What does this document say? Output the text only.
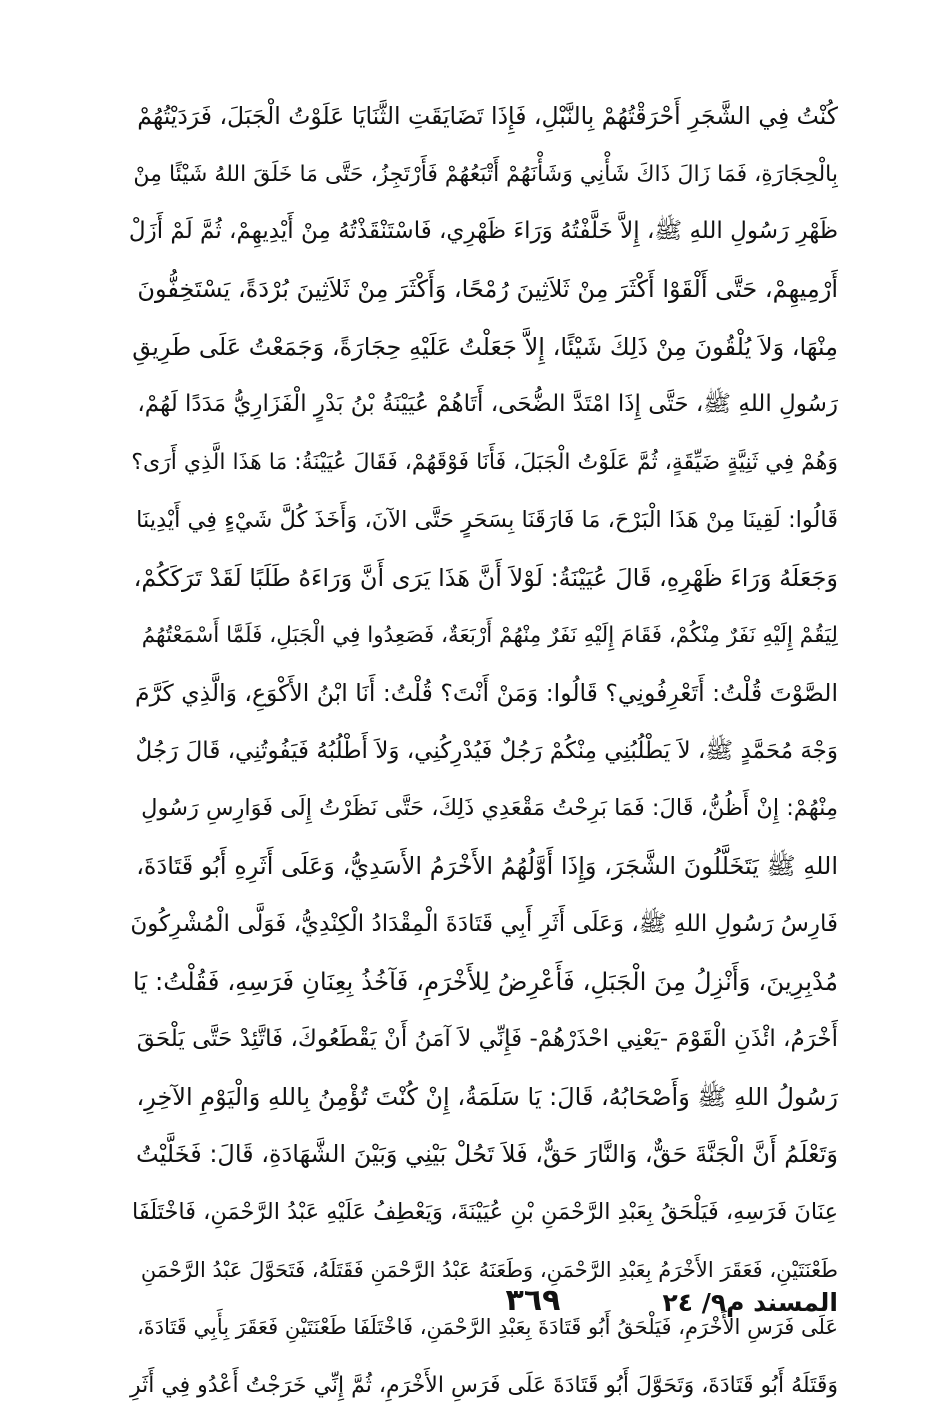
كُنْتُ فِي الشَّجَرِ أَحْرَقْتُهُمْ بِالنَّبْلِ، فَإِذَا تَضَايَقَتِ الثَّنَايَا عَلَوْتُ الْجَبَلَ، فَرَدَيْتُهُمْ
بِالْحِجَارَةِ، فَمَا زَالَ ذَاكَ شَأْنِي وَشَأْنَهُمْ أَتْبَعُهُمْ فَأَرْتَجِزُ، حَتَّى مَا خَلَقَ اللهُ شَيْئًا مِنْ
ظَهْرِ رَسُولِ اللهِ ﷺ، إِلاَّ خَلَّفْتُهُ وَرَاءَ ظَهْرِي، فَاسْتَنْقَذْتُهُ مِنْ أَيْدِيهِمْ، ثُمَّ لَمْ أَزَلْ
أَرْمِيهِمْ، حَتَّى أَلْقَوْا أَكْثَرَ مِنْ ثَلاَثِينَ رُمْحًا، وَأَكْثَرَ مِنْ ثَلاَثِينَ بُرْدَةً، يَسْتَخِفُّونَ
مِنْهَا، وَلاَ يُلْقُونَ مِنْ ذَلِكَ شَيْئًا، إِلاَّ جَعَلْتُ عَلَيْهِ حِجَارَةً، وَجَمَعْتُ عَلَى طَرِيقِ
رَسُولِ اللهِ ﷺ، حَتَّى إِذَا امْتَدَّ الضُّحَى، أَتَاهُمْ عُيَيْنَةُ بْنُ بَدْرٍ الْفَزَارِيُّ مَدَدًا لَهُمْ،
وَهُمْ فِي ثَنِيَّةٍ ضَيِّقَةٍ، ثُمَّ عَلَوْتُ الْجَبَلَ، فَأَنَا فَوْقَهُمْ، فَقَالَ عُيَيْنَةُ: مَا هَذَا الَّذِي أَرَى؟
قَالُوا: لَقِينَا مِنْ هَذَا الْبَرْحَ، مَا فَارَقَنَا بِسَحَرٍ حَتَّى الآنَ، وَأَخَذَ كُلَّ شَيْءٍ فِي أَيْدِينَا
وَجَعَلَهُ وَرَاءَ ظَهْرِهِ، قَالَ عُيَيْنَةُ: لَوْلاَ أَنَّ هَذَا يَرَى أَنَّ وَرَاءَهُ طَلَبًا لَقَدْ تَرَكَكُمْ،
لِيَقُمْ إِلَيْهِ نَفَرٌ مِنْكُمْ، فَقَامَ إِلَيْهِ نَفَرٌ مِنْهُمْ أَرْبَعَةٌ، فَصَعِدُوا فِي الْجَبَلِ، فَلَمَّا أَسْمَعْتُهُمُ
الصَّوْتَ قُلْتُ: أَتَعْرِفُونِي؟ قَالُوا: وَمَنْ أَنْتَ؟ قُلْتُ: أَنَا ابْنُ الأَكْوَعِ، وَالَّذِي كَرَّمَ
وَجْهَ مُحَمَّدٍ ﷺ، لاَ يَطْلُبُنِي مِنْكُمْ رَجُلٌ فَيُدْرِكُنِي، وَلاَ أَطْلُبُهُ فَيَفُوتُنِي، قَالَ رَجُلٌ
مِنْهُمْ: إِنْ أَظُنُّ، قَالَ: فَمَا بَرِحْتُ مَقْعَدِي ذَلِكَ، حَتَّى نَظَرْتُ إِلَى فَوَارِسِ رَسُولِ
اللهِ ﷺ يَتَخَلَّلُونَ الشَّجَرَ، وَإِذَا أَوَّلُهُمُ الأَخْرَمُ الأَسَدِيُّ، وَعَلَى أَثَرِهِ أَبُو قَتَادَةَ،
فَارِسُ رَسُولِ اللهِ ﷺ، وَعَلَى أَثَرِ أَبِي قَتَادَةَ الْمِقْدَادُ الْكِنْدِيُّ، فَوَلَّى الْمُشْرِكُونَ
مُدْبِرِينَ، وَأَنْزِلُ مِنَ الْجَبَلِ، فَأَعْرِضُ لِلأَخْرَمِ، فَآخُذُ بِعِنَانِ فَرَسِهِ، فَقُلْتُ: يَا
أَخْرَمُ، ائْذَنِ الْقَوْمَ -يَعْنِي احْذَرْهُمْ- فَإِنِّي لاَ آمَنُ أَنْ يَقْطَعُوكَ، فَاتَّئِدْ حَتَّى يَلْحَقَ
رَسُولُ اللهِ ﷺ وَأَصْحَابُهُ، قَالَ: يَا سَلَمَةُ، إِنْ كُنْتَ تُؤْمِنُ بِاللهِ وَالْيَوْمِ الآخِرِ،
وَتَعْلَمُ أَنَّ الْجَنَّةَ حَقٌّ، وَالنَّارَ حَقٌّ، فَلاَ تَحُلْ بَيْنِي وَبَيْنَ الشَّهَادَةِ، قَالَ: فَخَلَّيْتُ
عِنَانَ فَرَسِهِ، فَيَلْحَقُ بِعَبْدِ الرَّحْمَنِ بْنِ عُيَيْنَةَ، وَيَعْطِفُ عَلَيْهِ عَبْدُ الرَّحْمَنِ، فَاخْتَلَفَا
طَعْنَتَيْنِ، فَعَقَرَ الأَخْرَمُ بِعَبْدِ الرَّحْمَنِ، وَطَعَنَهُ عَبْدُ الرَّحْمَنِ فَقَتَلَهُ، فَتَحَوَّلَ عَبْدُ الرَّحْمَنِ
عَلَى فَرَسِ الأَخْرَمِ، فَيَلْحَقُ أَبُو قَتَادَةَ بِعَبْدِ الرَّحْمَنِ، فَاخْتَلَفَا طَعْنَتَيْنِ فَعَقَرَ بِأَبِي قَتَادَةَ،
وَقَتَلَهُ أَبُو قَتَادَةَ، وَتَحَوَّلَ أَبُو قَتَادَةَ عَلَى فَرَسِ الأَخْرَمِ، ثُمَّ إِنِّي خَرَجْتُ أَعْدُو فِي أَثَرِ
٣٦٩	المسند م٩/ ٢٤
